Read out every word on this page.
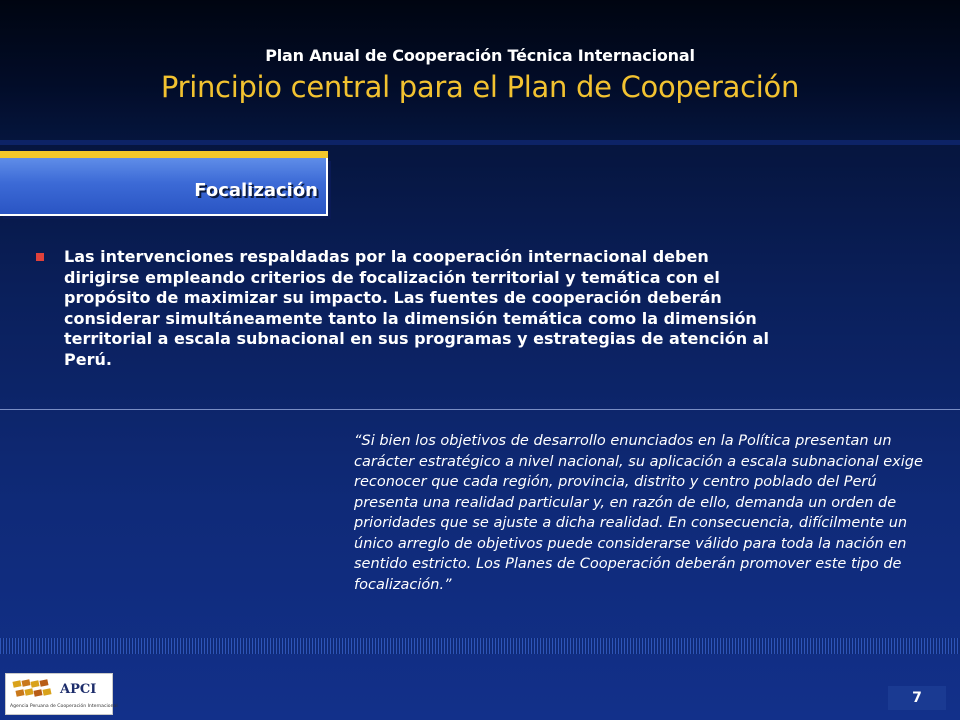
Plan Anual de Cooperación Técnica Internacional
Principio central para el Plan de Cooperación
Focalización
Las intervenciones respaldadas por la cooperación internacional deben dirigirse empleando criterios de focalización territorial y temática con el propósito de maximizar su impacto. Las fuentes de cooperación deberán considerar simultáneamente tanto la dimensión temática como la dimensión territorial a escala subnacional en sus programas y estrategias de atención al Perú.
“Si bien los objetivos de desarrollo enunciados en la Política presentan un carácter estratégico a nivel nacional, su aplicación a escala subnacional exige reconocer que cada región, provincia, distrito y centro poblado del Perú presenta una realidad particular y, en razón de ello, demanda un orden de prioridades que se ajuste a dicha realidad. En consecuencia, difícilmente un único arreglo de objetivos puede considerarse válido para toda la nación en sentido estricto. Los Planes de Cooperación deberán promover este tipo de focalización.”
APCI
Agencia Peruana de Cooperación Internacional
7
